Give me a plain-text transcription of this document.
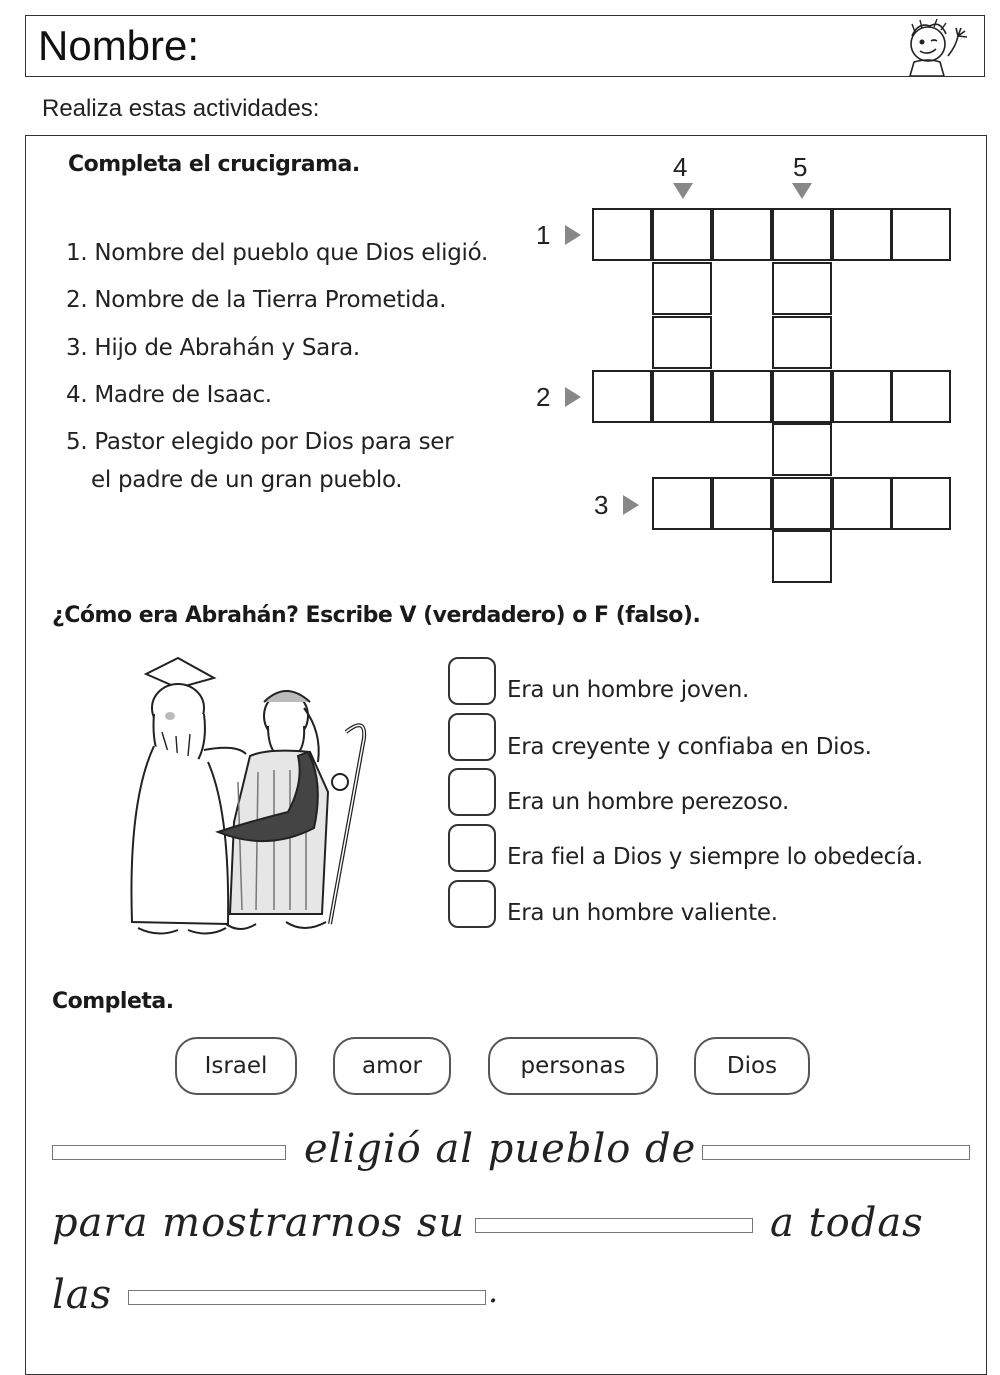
Nombre:
Realiza estas actividades:
Completa el crucigrama.
1. Nombre del pueblo que Dios eligió.
2. Nombre de la Tierra Prometida.
3. Hijo de Abrahán y Sara.
4. Madre de Isaac.
5. Pastor elegido por Dios para ser
el padre de un gran pueblo.
4	5
1
2
3
¿Cómo era Abrahán? Escribe V (verdadero) o F (falso).
Era un hombre joven.
Era creyente y confiaba en Dios.
Era un hombre perezoso.
Era fiel a Dios y siempre lo obedecía.
Era un hombre valiente.
Completa.
Israel	amor	personas	Dios
eligió al pueblo de
para mostrarnos su	a todas
las	.
